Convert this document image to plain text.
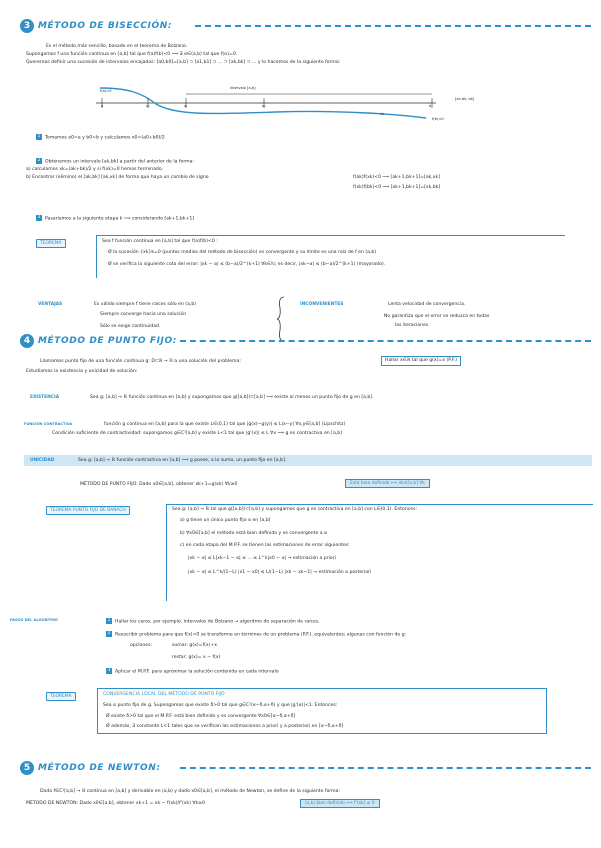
3 MÉTODO DE BISECCIÓN:
Es el método más sencillo, basado en el teorema de Bolzano.
Supongamos f una función continua en [a,b] tal que f(a)f(b)<0 ⟹ ∃ α∈(a,b) tal que f(α)=0.
Queremos definir una sucesión de intervalos encajados: [a0,b0]=[a,b] ⊃ [a1,b1] ⊃ ... ⊃ [ak,bk] ⊃ ... y lo hacemos de la siguiente forma:
f(a)>0
a	x₀	x₁	x₂	b
intervalo [a,b]
xk
f(b)<0
[xk-bk, bk]
1 Tomamos a0=a y b0=b y calculamos x0=(a0+b0)/2
2 Obtenemos un intervalo [ak,bk] a partir del anterior de la forma:
a) calculamos xk=(ak+bk)/2 y si f(xk)=0 hemos terminado.
b) Encontrar (elimino) el [ak,bk] [ak,xk] de forma que haya un cambio de signo	f(ak)f(xk)<0 ⟹ [ak+1,bk+1]=[ak,xk]
f(xk)f(bk)<0 ⟹ [ak+1,bk+1]=[xk,bk]
3 Pasaríamos a la siguiente etapa k ⟹ considerando [ak+1,bk+1]
TEOREMA	Sea f función continua en [a,b] tal que f(a)f(b)<0 :
Ø la sucesión {xk}k=0 (puntos medios del método de bisección) es convergente y su límite es una raíz de f en (a,b)
Ø se verifica la siguiente cota del error: |xk − α| ≤ (b−a)/2^(k+1) ∀k∈ℕ; es decir, |xk−α| ≤ (b−a)/2^(k+1) (mayorado).
VENTAJAS	Es válido siempre f tiene raíces sólo en (a,b)
Siempre converge hacia una solución
Sólo se exige continuidad.
INCONVENIENTES	Lenta velocidad de convergencia.
No garantiza que el error se reduzca en todas
las iteraciones.
4 MÉTODO DE PUNTO FIJO:
Llamamos punto fijo de una función continua g: D⊂ℝ → ℝ a una solución del problema:	Hallar x∈ℝ tal que g(x)=x (P.F.)
Estudiamos la existencia y unicidad de solución:
EXISTENCIA	Sea g: [a,b] → ℝ función continua en [a,b] y supongamos que g([a,b])⊂[a,b] ⟹ existe al menos un punto fijo de g en [a,b].
FUNCIÓN CONTRACTIVA	función g continua en [a,b] para la que existe L∈(0,1) tal que |g(x)−g(y)| ≤ L|x−y| ∀x,y∈[a,b] (Lipschitz)
Condición suficiente de contractividad: supongamos g∈C¹[a,b] y existe L<1 tal que |g'(x)| ≤ L ∀x ⟹ g es contractiva en [a,b]
UNICIDAD	Sea g: [a,b] → ℝ función contractiva en [a,b] ⟹ g posee, a lo sumo, un punto fijo en [a,b].
MÉTODO DE PUNTO FIJO: Dado x0∈[a,b], obtener xk+1=g(xk) ∀k≥0	Está bien definido ⟺ xk∈[a,b] ∀k
TEOREMA PUNTO FIJO DE BANACH	Sea g: [a,b] → ℝ tal que g([a,b])⊂[a,b] y supongamos que g es contractiva en [a,b] con L∈(0,1). Entonces:
a) g tiene un único punto fijo α en [a,b]
b) ∀x0∈[a,b] el método está bien definido y es convergente a α
c) en cada etapa del M.P.F. se tienen las estimaciones de error siguientes:
|xk − α| ≤ L|xk−1 − α| ≤ ... ≤ L^k|x0 − α| → estimación a priori
|xk − α| ≤ L^k/(1−L) |x1 − x0| ≤ L/(1−L) |xk − xk−1| → estimación a posteriori
PASOS DEL ALGORITMO	1 Hallar los ceros, por ejemplo, intervalos de Bolzano → algoritmo de separación de raíces.
2 Reescribir problema para que f(x)=0 se transforme en términos de un problema (P.F.), equivalentes; algunas con función de g:
opciones:	sumar: g(x)=f(x)+x
restar: g(x)= x − f(x)
3 Aplicar el M.P.F. para aproximar la solución contenida en cada intervalo
TEOREMA	CONVERGENCIA LOCAL DEL MÉTODO DE PUNTO FIJO
Sea α punto fijo de g. Supongamos que existe δ>0 tal que g∈C¹(α−δ,α+δ) y que |g'(α)|<1. Entonces:
Ø existe δ>0 tal que el M.P.F. está bien definido y es convergente ∀x0∈[α−δ,α+δ]
Ø además, ∃ constante L<1 tales que se verifican las estimaciones a priori y a posteriori en [α−δ,α+δ]
5 MÉTODO DE NEWTON:
Dada f∈C¹[a,b] → ℝ continua en [a,b] y derivable en (a,b) y dado x0∈[a,b], el método de Newton, se define de la siguiente forma:
MÉTODO DE NEWTON: Dado x0∈[a,b], obtener xk+1 = xk − f(xk)/f'(xk) ∀k≥0	(x,k) bien definido ⟺ f'(xk) ≠ 0
